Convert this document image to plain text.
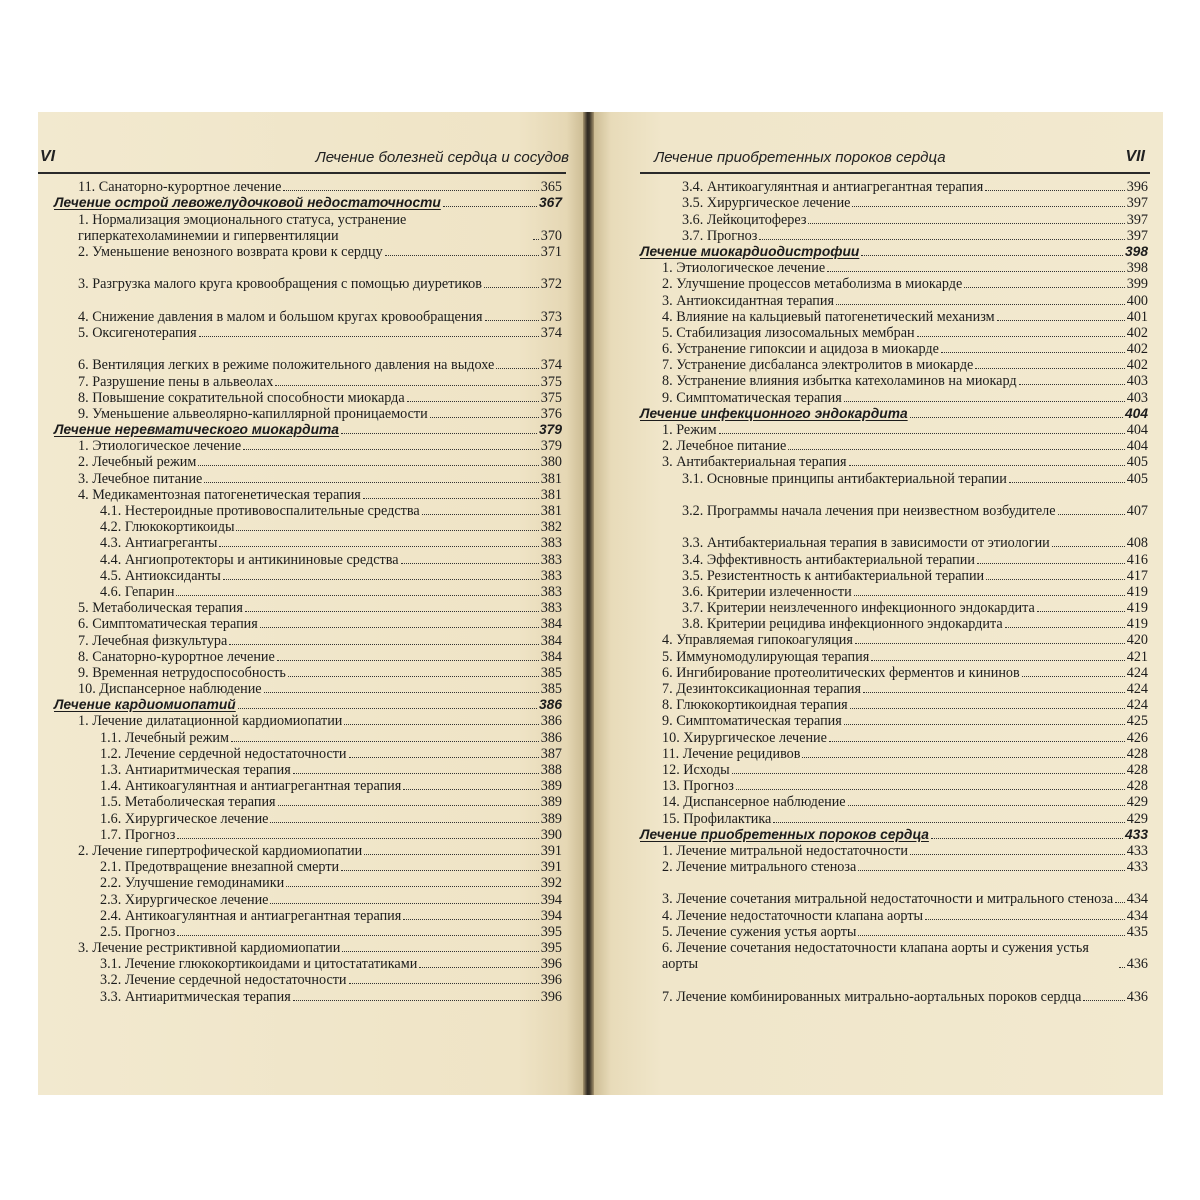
VI	Лечение болезней сердца и сосудов
11. Санаторно-курортное лечение	365
Лечение острой левожелудочковой недостаточности	367
1. Нормализация эмоционального статуса, устранение гиперкатехоламинемии и гипервентиляции	370
2. Уменьшение венозного возврата крови к сердцу	371
3. Разгрузка малого круга кровообращения с помощью диуретиков	372
4. Снижение давления в малом и большом кругах кровообращения	373
5. Оксигенотерапия	374
6. Вентиляция легких в режиме положительного давления на выдохе	374
7. Разрушение пены в альвеолах	375
8. Повышение сократительной способности миокарда	375
9. Уменьшение альвеолярно-капиллярной проницаемости	376
Лечение неревматического миокардита	379
1. Этиологическое лечение	379
2. Лечебный режим	380
3. Лечебное питание	381
4. Медикаментозная патогенетическая терапия	381
4.1. Нестероидные противовоспалительные средства	381
4.2. Глюкокортикоиды	382
4.3. Антиагреганты	383
4.4. Ангиопротекторы и антикининовые средства	383
4.5. Антиоксиданты	383
4.6. Гепарин	383
5. Метаболическая терапия	383
6. Симптоматическая терапия	384
7. Лечебная физкультура	384
8. Санаторно-курортное лечение	384
9. Временная нетрудоспособность	385
10. Диспансерное наблюдение	385
Лечение кардиомиопатий	386
1. Лечение дилатационной кардиомиопатии	386
1.1. Лечебный режим	386
1.2. Лечение сердечной недостаточности	387
1.3. Антиаритмическая терапия	388
1.4. Антикоагулянтная и антиагрегантная терапия	389
1.5. Метаболическая терапия	389
1.6. Хирургическое лечение	389
1.7. Прогноз	390
2. Лечение гипертрофической кардиомиопатии	391
2.1. Предотвращение внезапной смерти	391
2.2. Улучшение гемодинамики	392
2.3. Хирургическое лечение	394
2.4. Антикоагулянтная и антиагрегантная терапия	394
2.5. Прогноз	395
3. Лечение рестриктивной кардиомиопатии	395
3.1. Лечение глюкокортикоидами и цитостататиками	396
3.2. Лечение сердечной недостаточности	396
3.3. Антиаритмическая терапия	396
Лечение приобретенных пороков сердца	VII
3.4. Антикоагулянтная и антиагрегантная терапия	396
3.5. Хирургическое лечение	397
3.6. Лейкоцитоферез	397
3.7. Прогноз	397
Лечение миокардиодистрофии	398
1. Этиологическое лечение	398
2. Улучшение процессов метаболизма в миокарде	399
3. Антиоксидантная терапия	400
4. Влияние на кальциевый патогенетический механизм	401
5. Стабилизация лизосомальных мембран	402
6. Устранение гипоксии и ацидоза в миокарде	402
7. Устранение дисбаланса электролитов в миокарде	402
8. Устранение влияния избытка катехоламинов на миокард	403
9. Симптоматическая терапия	403
Лечение инфекционного эндокардита	404
1. Режим	404
2. Лечебное питание	404
3. Антибактериальная терапия	405
3.1. Основные принципы антибактериальной терапии	405
3.2. Программы начала лечения при неизвестном возбудителе	407
3.3. Антибактериальная терапия в зависимости от этиологии	408
3.4. Эффективность антибактериальной терапии	416
3.5. Резистентность к антибактериальной терапии	417
3.6. Критерии излеченности	419
3.7. Критерии неизлеченного инфекционного эндокардита	419
3.8. Критерии рецидива инфекционного эндокардита	419
4. Управляемая гипокоагуляция	420
5. Иммуномодулирующая терапия	421
6. Ингибирование протеолитических ферментов и кининов	424
7. Дезинтоксикационная терапия	424
8. Глюкокортикоидная терапия	424
9. Симптоматическая терапия	425
10. Хирургическое лечение	426
11. Лечение рецидивов	428
12. Исходы	428
13. Прогноз	428
14. Диспансерное наблюдение	429
15. Профилактика	429
Лечение приобретенных пороков сердца	433
1. Лечение митральной недостаточности	433
2. Лечение митрального стеноза	433
3. Лечение сочетания митральной недостаточности и митрального стеноза 434
4. Лечение недостаточности клапана аорты	434
5. Лечение сужения устья аорты	435
6. Лечение сочетания недостаточности клапана аорты и сужения устья аорты	436
7. Лечение комбинированных митрально-аортальных пороков сердца	436
